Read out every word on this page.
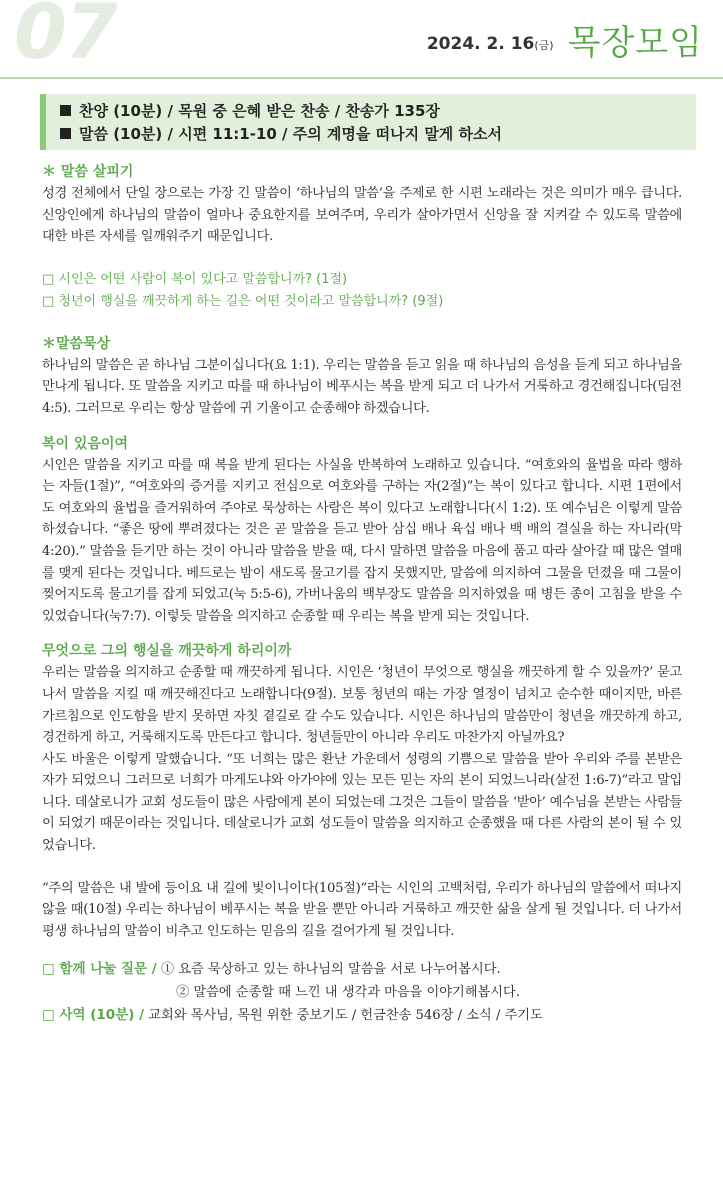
07	2024. 2. 16(금) 목장모임
찬양 (10분) / 목원 중 은혜 받은 찬송 / 찬송가 135장
말씀 (10분) / 시편 11:1-10 / 주의 계명을 떠나지 말게 하소서
＊ 말씀 살피기
성경 전체에서 단일 장으로는 가장 긴 말씀이 ‘하나님의 말씀’을 주제로 한 시편 노래라는 것은 의미가 매우 큽니다. 신앙인에게 하나님의 말씀이 얼마나 중요한지를 보여주며, 우리가 살아가면서 신앙을 잘 지켜갈 수 있도록 말씀에 대한 바른 자세를 일깨워주기 때문입니다.
□ 시인은 어떤 사람이 복이 있다고 말씀합니까? (1절)
□ 청년이 행실을 깨끗하게 하는 길은 어떤 것이라고 말씀합니까? (9절)
＊말씀묵상
하나님의 말씀은 곧 하나님 그분이십니다(요 1:1). 우리는 말씀을 듣고 읽을 때 하나님의 음성을 듣게 되고 하나님을 만나게 됩니다. 또 말씀을 지키고 따를 때 하나님이 베푸시는 복을 받게 되고 더 나가서 거룩하고 경건해집니다(딤전 4:5). 그러므로 우리는 항상 말씀에 귀 기울이고 순종해야 하겠습니다.
복이 있음이여
시인은 말씀을 지키고 따를 때 복을 받게 된다는 사실을 반복하여 노래하고 있습니다. “여호와의 율법을 따라 행하는 자들(1절)”, “여호와의 증거를 지키고 전심으로 여호와를 구하는 자(2절)”는 복이 있다고 합니다. 시편 1편에서도 여호와의 율법을 즐거워하여 주야로 묵상하는 사람은 복이 있다고 노래합니다(시 1:2). 또 예수님은 이렇게 말씀하셨습니다. “좋은 땅에 뿌려졌다는 것은 곧 말씀을 듣고 받아 삼십 배나 육십 배나 백 배의 결실을 하는 자니라(막 4:20).” 말씀을 듣기만 하는 것이 아니라 말씀을 받을 때, 다시 말하면 말씀을 마음에 품고 따라 살아갈 때 많은 열매를 맺게 된다는 것입니다. 베드로는 밤이 새도록 물고기를 잡지 못했지만, 말씀에 의지하여 그물을 던졌을 때 그물이 찢어지도록 물고기를 잡게 되었고(눅 5:5-6), 가버나움의 백부장도 말씀을 의지하였을 때 병든 종이 고침을 받을 수 있었습니다(눅7:7). 이렇듯 말씀을 의지하고 순종할 때 우리는 복을 받게 되는 것입니다.
무엇으로 그의 행실을 깨끗하게 하리이까
우리는 말씀을 의지하고 순종할 때 깨끗하게 됩니다. 시인은 ‘청년이 무엇으로 행실을 깨끗하게 할 수 있을까?’ 묻고 나서 말씀을 지킬 때 깨끗해진다고 노래합니다(9절). 보통 청년의 때는 가장 열정이 넘치고 순수한 때이지만, 바른 가르침으로 인도함을 받지 못하면 자칫 곁길로 갈 수도 있습니다. 시인은 하나님의 말씀만이 청년을 깨끗하게 하고, 경건하게 하고, 거룩해지도록 만든다고 합니다. 청년들만이 아니라 우리도 마찬가지 아닐까요?
사도 바울은 이렇게 말했습니다. “또 너희는 많은 환난 가운데서 성령의 기쁨으로 말씀을 받아 우리와 주를 본받은 자가 되었으니 그러므로 너희가 마게도냐와 아가야에 있는 모든 믿는 자의 본이 되었느니라(살전 1:6-7)”라고 말입니다. 데살로니가 교회 성도들이 많은 사람에게 본이 되었는데 그것은 그들이 말씀을 ‘받아’ 예수님을 본받는 사람들이 되었기 때문이라는 것입니다. 데살로니가 교회 성도들이 말씀을 의지하고 순종했을 때 다른 사람의 본이 될 수 있었습니다.
“주의 말씀은 내 발에 등이요 내 길에 빛이니이다(105절)”라는 시인의 고백처럼, 우리가 하나님의 말씀에서 떠나지 않을 때(10절) 우리는 하나님이 베푸시는 복을 받을 뿐만 아니라 거룩하고 깨끗한 삶을 살게 될 것입니다. 더 나가서 평생 하나님의 말씀이 비추고 인도하는 믿음의 길을 걸어가게 될 것입니다.
□ 함께 나눌 질문 / ① 요즘 묵상하고 있는 하나님의 말씀을 서로 나누어봅시다.
② 말씀에 순종할 때 느낀 내 생각과 마음을 이야기해봅시다.
□ 사역 (10분) / 교회와 목사님, 목원 위한 중보기도 / 헌금찬송 546장 / 소식 / 주기도
